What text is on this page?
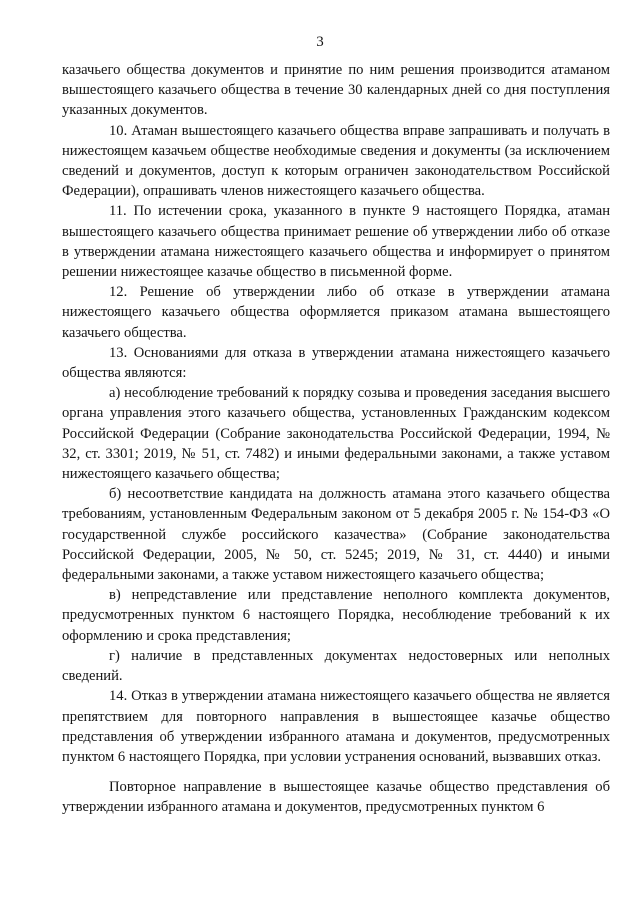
3

казачьего общества документов и принятие по ним решения производится атаманом вышестоящего казачьего общества в течение 30 календарных дней со дня поступления указанных документов.

10. Атаман вышестоящего казачьего общества вправе запрашивать и получать в нижестоящем казачьем обществе необходимые сведения и документы (за исключением сведений и документов, доступ к которым ограничен законодательством Российской Федерации), опрашивать членов нижестоящего казачьего общества.

11. По истечении срока, указанного в пункте 9 настоящего Порядка, атаман вышестоящего казачьего общества принимает решение об утверждении либо об отказе в утверждении атамана нижестоящего казачьего общества и информирует о принятом решении нижестоящее казачье общество в письменной форме.

12. Решение об утверждении либо об отказе в утверждении атамана нижестоящего казачьего общества оформляется приказом атамана вышестоящего казачьего общества.

13. Основаниями для отказа в утверждении атамана нижестоящего казачьего общества являются:

а) несоблюдение требований к порядку созыва и проведения заседания высшего органа управления этого казачьего общества, установленных Гражданским кодексом Российской Федерации (Собрание законодательства Российской Федерации, 1994, № 32, ст. 3301; 2019, № 51, ст. 7482) и иными федеральными законами, а также уставом нижестоящего казачьего общества;

б) несоответствие кандидата на должность атамана этого казачьего общества требованиям, установленным Федеральным законом от 5 декабря 2005 г. № 154-ФЗ «О государственной службе российского казачества» (Собрание законодательства Российской Федерации, 2005, № 50, ст. 5245; 2019, № 31, ст. 4440) и иными федеральными законами, а также уставом нижестоящего казачьего общества;

в) непредставление или представление неполного комплекта документов, предусмотренных пунктом 6 настоящего Порядка, несоблюдение требований к их оформлению и срока представления;

г) наличие в представленных документах недостоверных или неполных сведений.

14. Отказ в утверждении атамана нижестоящего казачьего общества не является препятствием для повторного направления в вышестоящее казачье общество представления об утверждении избранного атамана и документов, предусмотренных пунктом 6 настоящего Порядка, при условии устранения оснований, вызвавших отказ.

Повторное направление в вышестоящее казачье общество представления об утверждении избранного атамана и документов, предусмотренных пунктом 6
